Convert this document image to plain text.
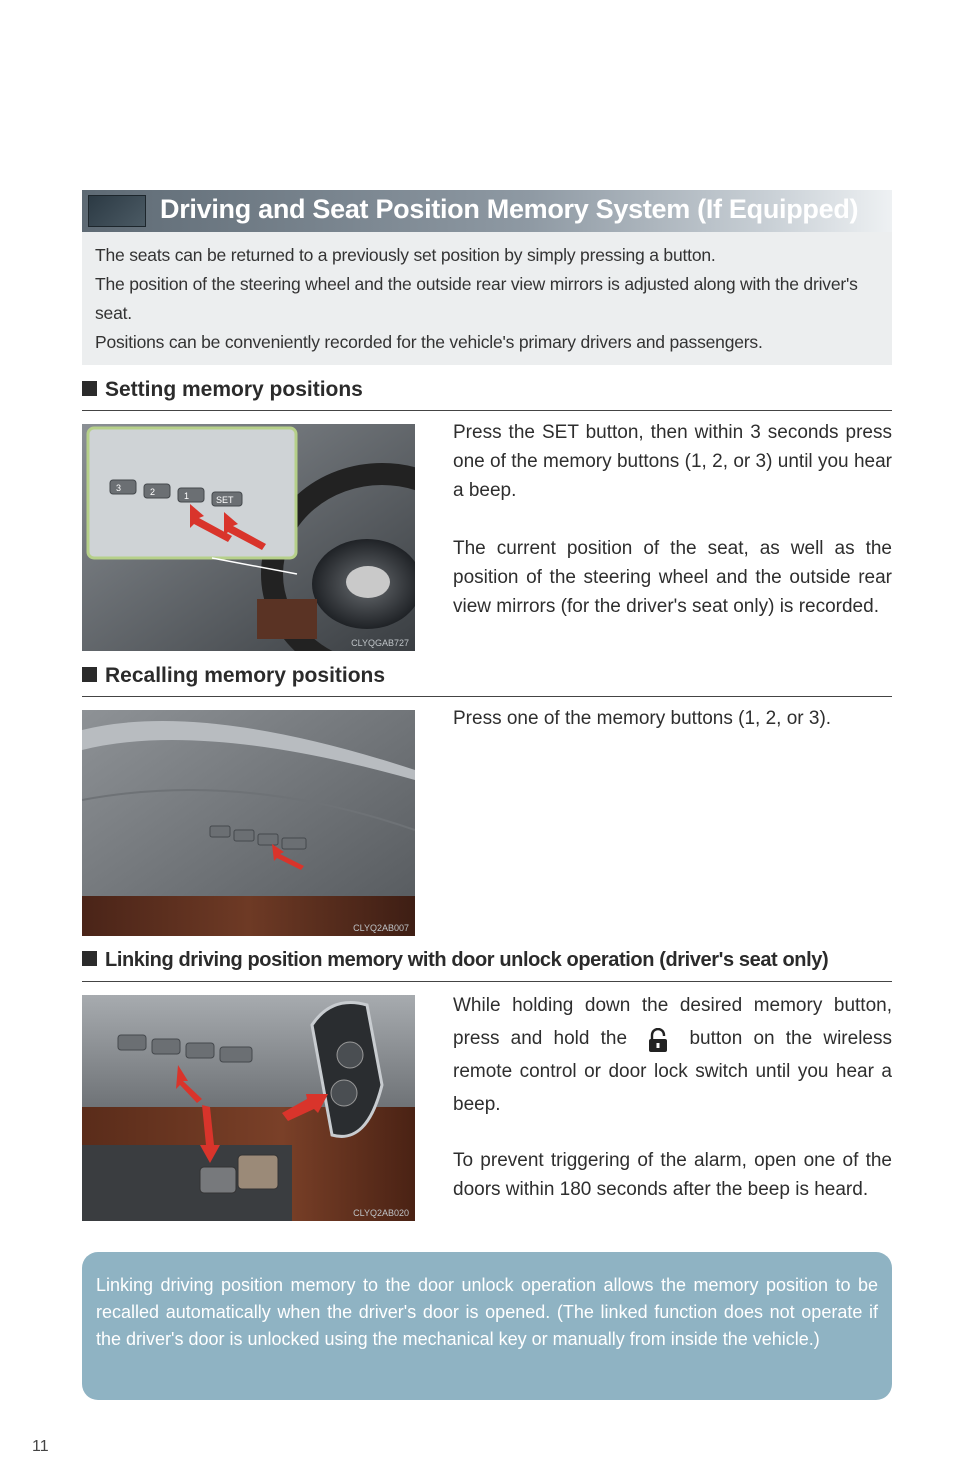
Driving and Seat Position Memory System (If Equipped)

The seats can be returned to a previously set position by simply pressing a button.

The position of the steering wheel and the outside rear view mirrors is adjusted along with the driver's seat.

Positions can be conveniently recorded for the vehicle's primary drivers and passengers.

Setting memory positions
3	2	1	SET
CLYQGAB727

Press the SET button, then within 3 seconds press one of the memory buttons (1, 2, or 3) until you hear a beep.

The current position of the seat, as well as the position of the steering wheel and the outside rear view mirrors (for the driver's seat only) is recorded.

Recalling memory positions
CLYQ2AB007

Press one of the memory buttons (1, 2, or 3).

Linking driving position memory with door unlock operation (driver's seat only)
CLYQ2AB020

While holding down the desired memory button, press and hold the	button on the wireless remote control or door lock switch until you hear a beep.

To prevent triggering of the alarm, open one of the doors within 180 seconds after the beep is heard.

Linking driving position memory to the door unlock operation allows the memory position to be recalled automatically when the driver's door is opened. (The linked function does not operate if the driver's door is unlocked using the mechanical key or manually from inside the vehicle.)
11
